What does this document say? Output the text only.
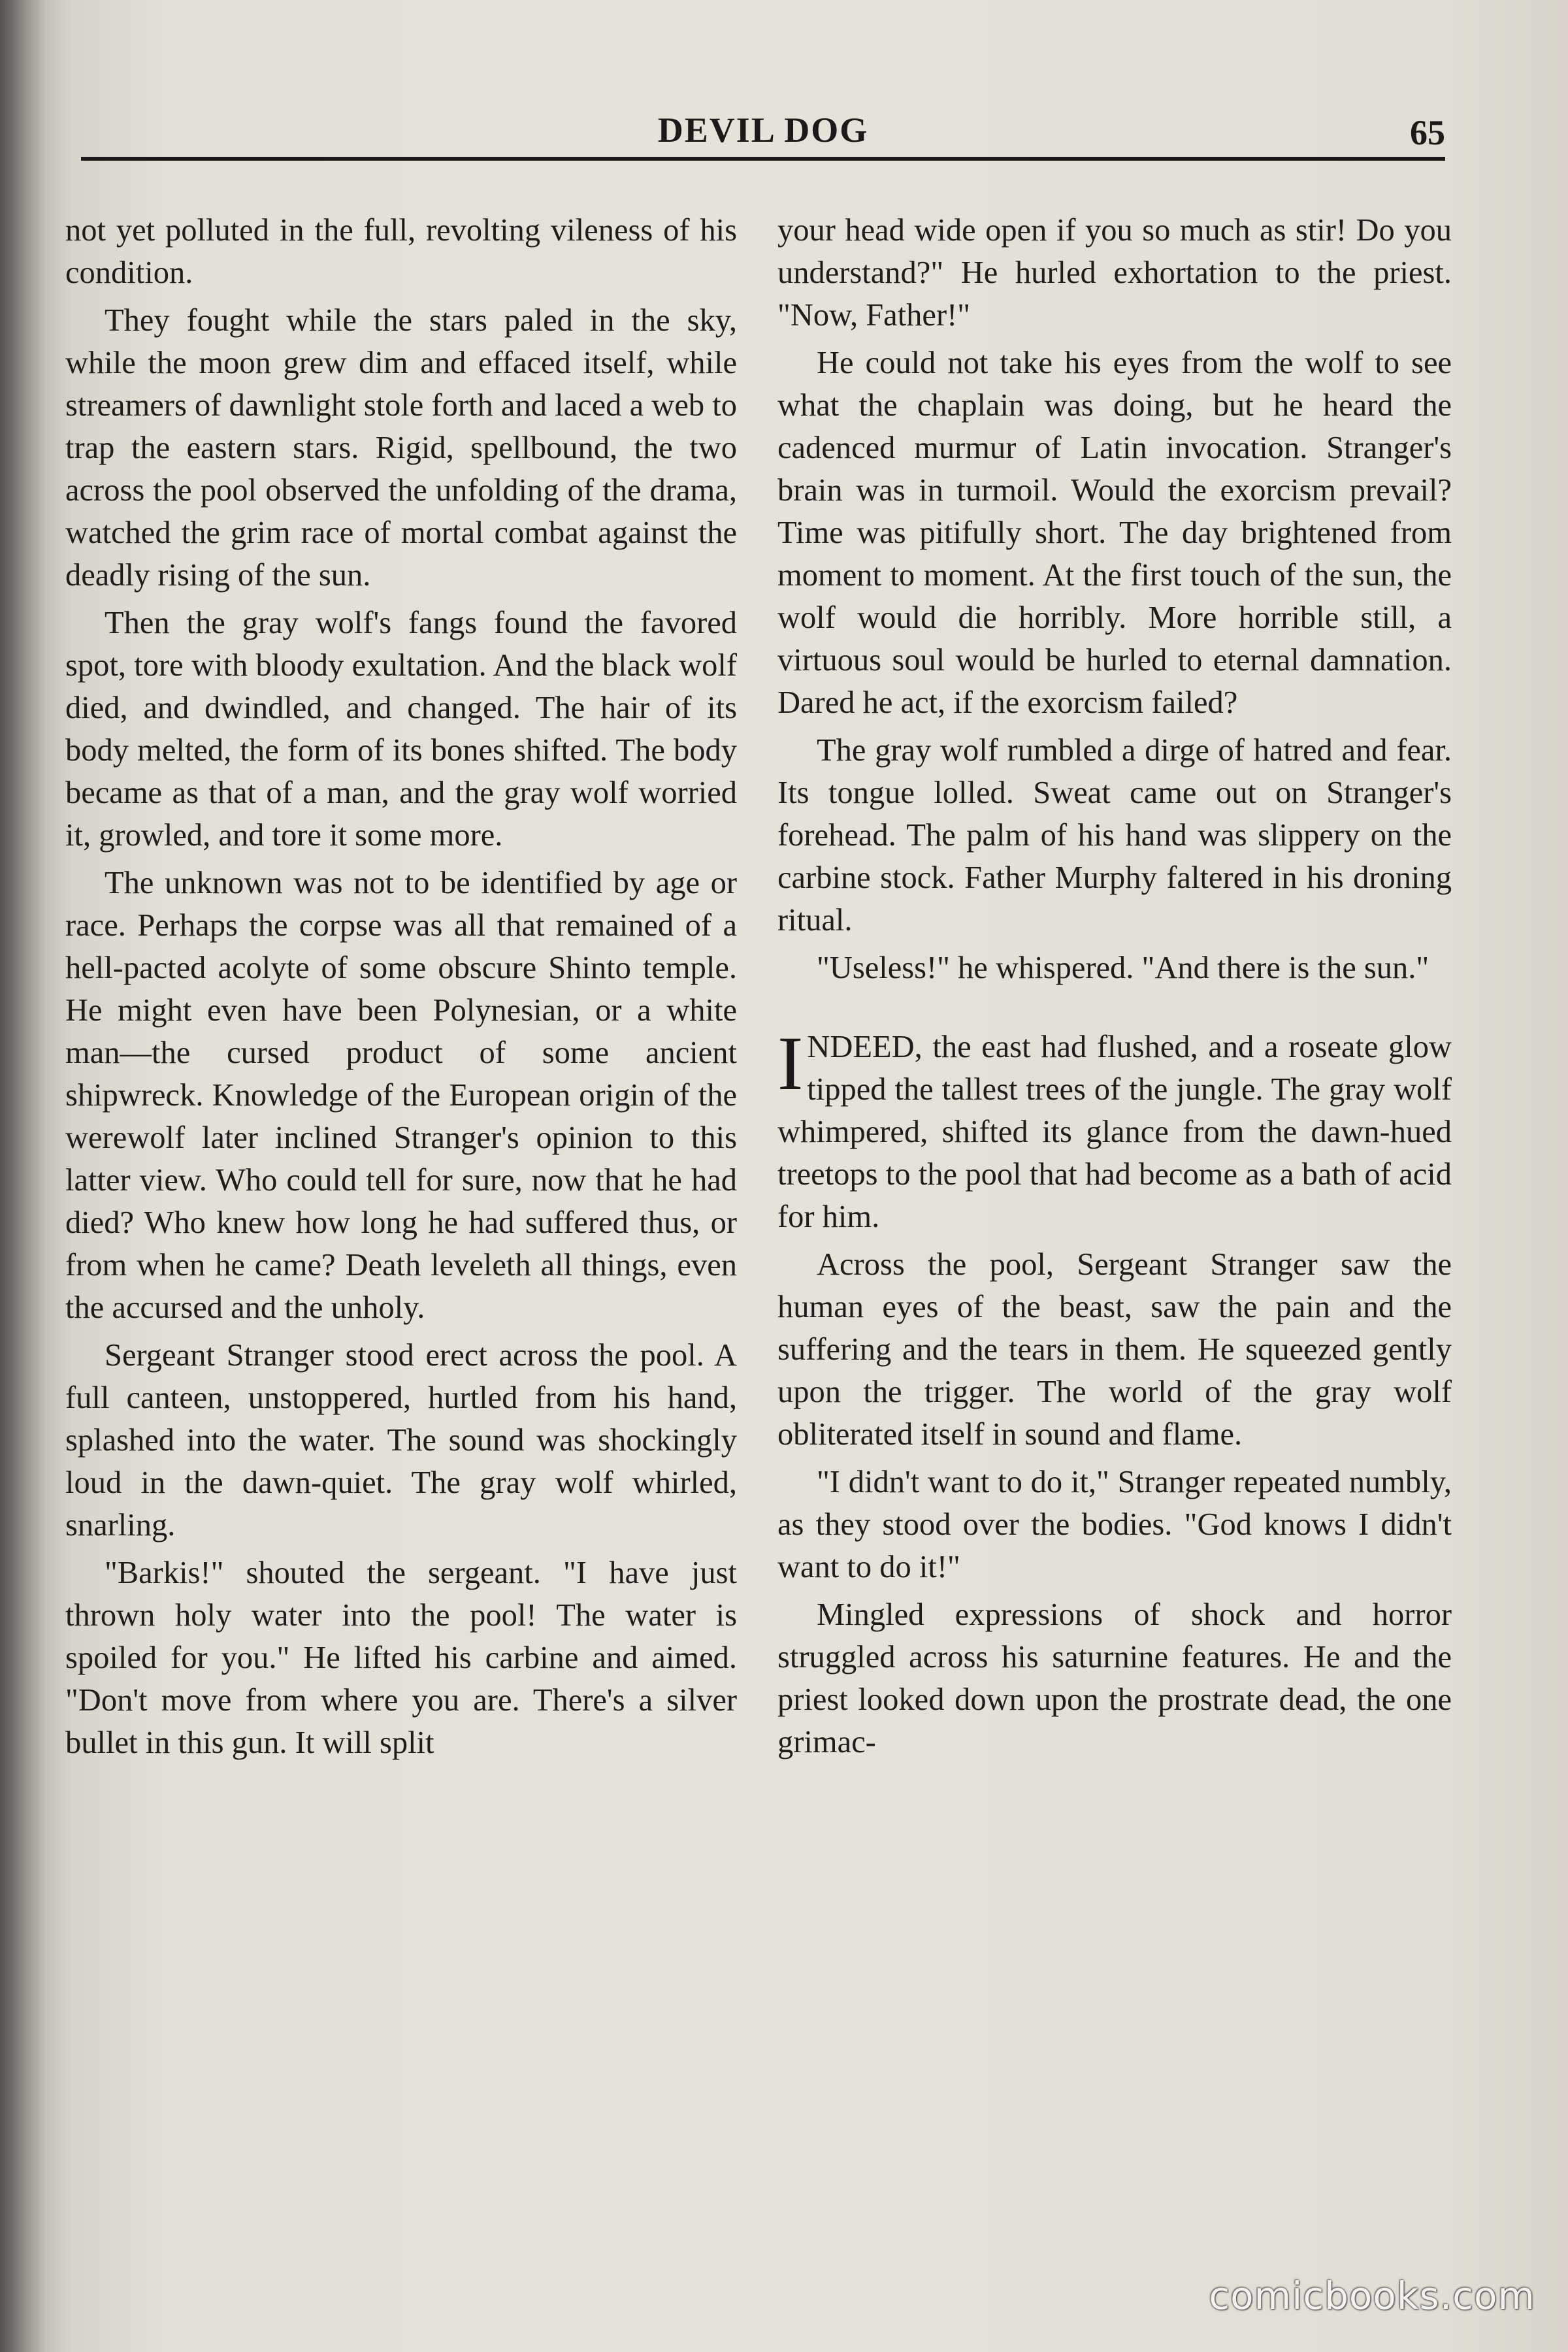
DEVIL DOG	65

not yet polluted in the full, revolting vileness of his condition.

They fought while the stars paled in the sky, while the moon grew dim and effaced itself, while streamers of dawnlight stole forth and laced a web to trap the eastern stars. Rigid, spellbound, the two across the pool observed the unfolding of the drama, watched the grim race of mortal combat against the deadly rising of the sun.

Then the gray wolf's fangs found the favored spot, tore with bloody exultation. And the black wolf died, and dwindled, and changed. The hair of its body melted, the form of its bones shifted. The body became as that of a man, and the gray wolf worried it, growled, and tore it some more.

The unknown was not to be identified by age or race. Perhaps the corpse was all that remained of a hell-pacted acolyte of some obscure Shinto temple. He might even have been Polynesian, or a white man—the cursed product of some ancient shipwreck. Knowledge of the European origin of the werewolf later inclined Stranger's opinion to this latter view. Who could tell for sure, now that he had died? Who knew how long he had suffered thus, or from when he came? Death leveleth all things, even the accursed and the unholy.

Sergeant Stranger stood erect across the pool. A full canteen, unstoppered, hurtled from his hand, splashed into the water. The sound was shockingly loud in the dawn-quiet. The gray wolf whirled, snarling.

"Barkis!" shouted the sergeant. "I have just thrown holy water into the pool! The water is spoiled for you." He lifted his carbine and aimed. "Don't move from where you are. There's a silver bullet in this gun. It will split

your head wide open if you so much as stir! Do you understand?" He hurled exhortation to the priest. "Now, Father!"

He could not take his eyes from the wolf to see what the chaplain was doing, but he heard the cadenced murmur of Latin invocation. Stranger's brain was in turmoil. Would the exorcism prevail? Time was pitifully short. The day brightened from moment to moment. At the first touch of the sun, the wolf would die horribly. More horrible still, a virtuous soul would be hurled to eternal damnation. Dared he act, if the exorcism failed?

The gray wolf rumbled a dirge of hatred and fear. Its tongue lolled. Sweat came out on Stranger's forehead. The palm of his hand was slippery on the carbine stock. Father Murphy faltered in his droning ritual.

"Useless!" he whispered. "And there is the sun."

INDEED, the east had flushed, and a roseate glow tipped the tallest trees of the jungle. The gray wolf whimpered, shifted its glance from the dawn-hued treetops to the pool that had become as a bath of acid for him.

Across the pool, Sergeant Stranger saw the human eyes of the beast, saw the pain and the suffering and the tears in them. He squeezed gently upon the trigger. The world of the gray wolf obliterated itself in sound and flame.

"I didn't want to do it," Stranger repeated numbly, as they stood over the bodies. "God knows I didn't want to do it!"

Mingled expressions of shock and horror struggled across his saturnine features. He and the priest looked down upon the prostrate dead, the one grimac-

comicbooks.com
